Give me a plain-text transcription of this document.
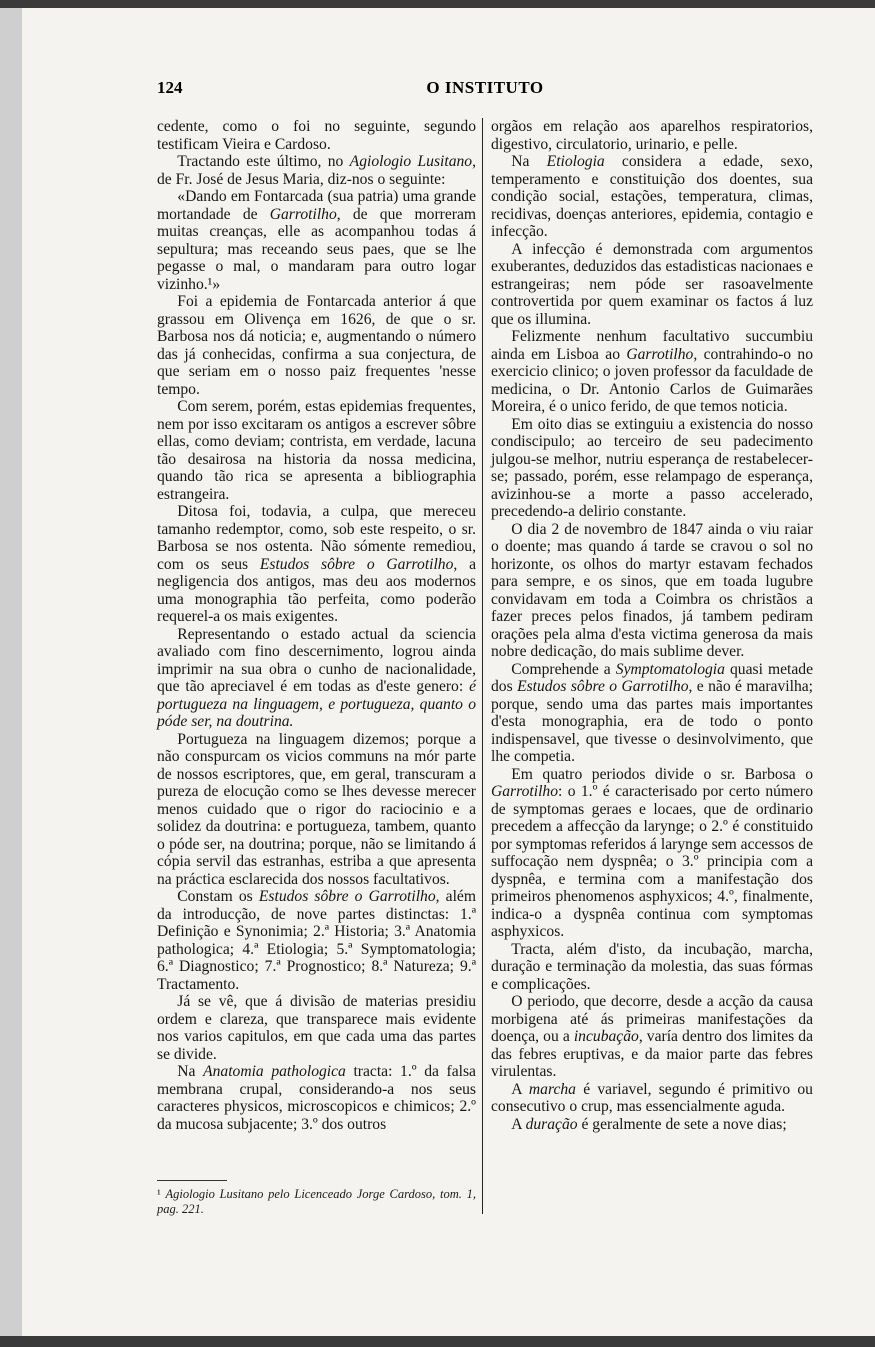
124	O INSTITUTO

cedente, como o foi no seguinte, segundo testificam Vieira e Cardoso.

Tractando este último, no Agiologio Lusitano, de Fr. José de Jesus Maria, diz-nos o seguinte:

«Dando em Fontarcada (sua patria) uma grande mortandade de Garrotilho, de que morreram muitas creanças, elle as acompanhou todas á sepultura; mas receando seus paes, que se lhe pegasse o mal, o mandaram para outro logar vizinho.¹»

Foi a epidemia de Fontarcada anterior á que grassou em Olivença em 1626, de que o sr. Barbosa nos dá noticia; e, augmentando o número das já conhecidas, confirma a sua conjectura, de que seriam em o nosso paiz frequentes 'nesse tempo.

Com serem, porém, estas epidemias frequentes, nem por isso excitaram os antigos a escrever sôbre ellas, como deviam; contrista, em verdade, lacuna tão desairosa na historia da nossa medicina, quando tão rica se apresenta a bibliographia estrangeira.

Ditosa foi, todavia, a culpa, que mereceu tamanho redemptor, como, sob este respeito, o sr. Barbosa se nos ostenta. Não sómente remediou, com os seus Estudos sôbre o Garrotilho, a negligencia dos antigos, mas deu aos modernos uma monographia tão perfeita, como poderão requerel-a os mais exigentes.

Representando o estado actual da sciencia avaliado com fino descernimento, logrou ainda imprimir na sua obra o cunho de nacionalidade, que tão apreciavel é em todas as d'este genero: é portugueza na linguagem, e portugueza, quanto o póde ser, na doutrina.

Portugueza na linguagem dizemos; porque a não conspurcam os vicios communs na mór parte de nossos escriptores, que, em geral, transcuram a pureza de elocução como se lhes devesse merecer menos cuidado que o rigor do raciocinio e a solidez da doutrina: e portugueza, tambem, quanto o póde ser, na doutrina; porque, não se limitando á cópia servil das estranhas, estriba a que apresenta na práctica esclarecida dos nossos facultativos.

Constam os Estudos sôbre o Garrotilho, além da introducção, de nove partes distinctas: 1.ª Definição e Synonimia; 2.ª Historia; 3.ª Anatomia pathologica; 4.ª Etiologia; 5.ª Symptomatologia; 6.ª Diagnostico; 7.ª Prognostico; 8.ª Natureza; 9.ª Tractamento.

Já se vê, que á divisão de materias presidiu ordem e clareza, que transparece mais evidente nos varios capitulos, em que cada uma das partes se divide.

Na Anatomia pathologica tracta: 1.º da falsa membrana crupal, considerando-a nos seus caracteres physicos, microscopicos e chimicos; 2.º da mucosa subjacente; 3.º dos outros

orgãos em relação aos aparelhos respiratorios, digestivo, circulatorio, urinario, e pelle.

Na Etiologia considera a edade, sexo, temperamento e constituição dos doentes, sua condição social, estações, temperatura, climas, recidivas, doenças anteriores, epidemia, contagio e infecção.

A infecção é demonstrada com argumentos exuberantes, deduzidos das estadisticas nacionaes e estrangeiras; nem póde ser rasoavelmente controvertida por quem examinar os factos á luz que os illumina.

Felizmente nenhum facultativo succumbiu ainda em Lisboa ao Garrotilho, contrahindo-o no exercicio clinico; o joven professor da faculdade de medicina, o Dr. Antonio Carlos de Guimarães Moreira, é o unico ferido, de que temos noticia.

Em oito dias se extinguiu a existencia do nosso condiscipulo; ao terceiro de seu padecimento julgou-se melhor, nutriu esperança de restabelecer-se; passado, porém, esse relampago de esperança, avizinhou-se a morte a passo accelerado, precedendo-a delirio constante.

O dia 2 de novembro de 1847 ainda o viu raiar o doente; mas quando á tarde se cravou o sol no horizonte, os olhos do martyr estavam fechados para sempre, e os sinos, que em toada lugubre convidavam em toda a Coimbra os christãos a fazer preces pelos finados, já tambem pediram orações pela alma d'esta victima generosa da mais nobre dedicação, do mais sublime dever.

Comprehende a Symptomatologia quasi metade dos Estudos sôbre o Garrotilho, e não é maravilha; porque, sendo uma das partes mais importantes d'esta monographia, era de todo o ponto indispensavel, que tivesse o desinvolvimento, que lhe competia.

Em quatro periodos divide o sr. Barbosa o Garrotilho: o 1.º é caracterisado por certo número de symptomas geraes e locaes, que de ordinario precedem a affecção da larynge; o 2.º é constituido por symptomas referidos á larynge sem accessos de suffocação nem dyspnêa; o 3.º principia com a dyspnêa, e termina com a manifestação dos primeiros phenomenos asphyxicos; 4.º, finalmente, indica-o a dyspnêa continua com symptomas asphyxicos.

Tracta, além d'isto, da incubação, marcha, duração e terminação da molestia, das suas fórmas e complicações.

O periodo, que decorre, desde a acção da causa morbigena até ás primeiras manifestações da doença, ou a incubação, varía dentro dos limites da das febres eruptivas, e da maior parte das febres virulentas.

A marcha é variavel, segundo é primitivo ou consecutivo o crup, mas essencialmente aguda.

A duração é geralmente de sete a nove dias;

¹ Agiologio Lusitano pelo Licenceado Jorge Cardoso, tom. 1, pag. 221.
